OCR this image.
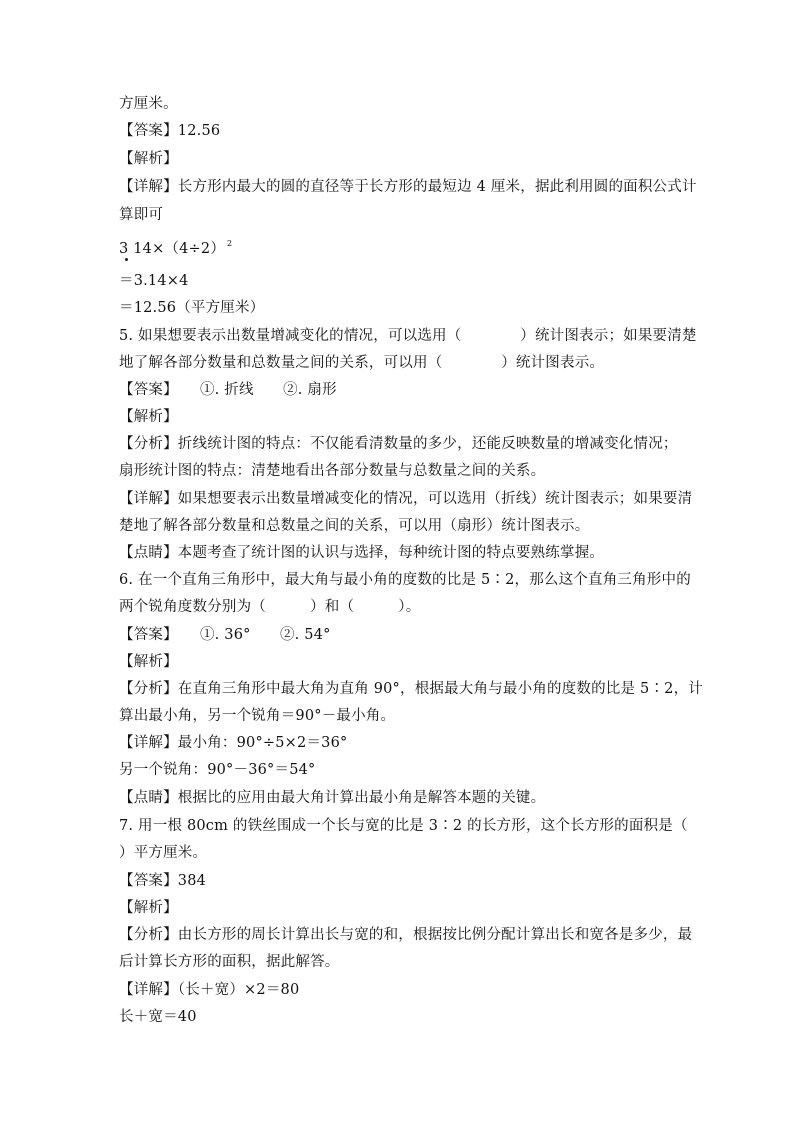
方厘米。
【答案】12.56
【解析】
【详解】长方形内最大的圆的直径等于长方形的最短边 4 厘米，据此利用圆的面积公式计
算即可
3 14×（4÷2） $^2$
＝3.14×4
＝12.56（平方厘米）
5. 如果想要表示出数量增减变化的情况，可以选用（　　　　）统计图表示；如果要清楚
地了解各部分数量和总数量之间的关系，可以用（　　　　）统计图表示。
【答案】　　①. 折线　　②. 扇形
【解析】
【分析】折线统计图的特点：不仅能看清数量的多少，还能反映数量的增减变化情况；
扇形统计图的特点：清楚地看出各部分数量与总数量之间的关系。
【详解】如果想要表示出数量增减变化的情况，可以选用（折线）统计图表示；如果要清
楚地了解各部分数量和总数量之间的关系，可以用（扇形）统计图表示。
【点睛】本题考查了统计图的认识与选择，每种统计图的特点要熟练掌握。
6. 在一个直角三角形中，最大角与最小角的度数的比是 5∶2，那么这个直角三角形中的
两个锐角度数分别为（　　　）和（　　　）。
【答案】　　①. 36°　　②. 54°
【解析】
【分析】在直角三角形中最大角为直角 90°，根据最大角与最小角的度数的比是 5∶2，计
算出最小角，另一个锐角＝90°－最小角。
【详解】最小角：90°÷5×2＝36°
另一个锐角：90°－36°＝54°
【点睛】根据比的应用由最大角计算出最小角是解答本题的关键。
7. 用一根 80cm 的铁丝围成一个长与宽的比是 3∶2 的长方形，这个长方形的面积是（
）平方厘米。
【答案】384
【解析】
【分析】由长方形的周长计算出长与宽的和，根据按比例分配计算出长和宽各是多少，最
后计算长方形的面积，据此解答。
【详解】（长＋宽）×2＝80
长＋宽＝40
